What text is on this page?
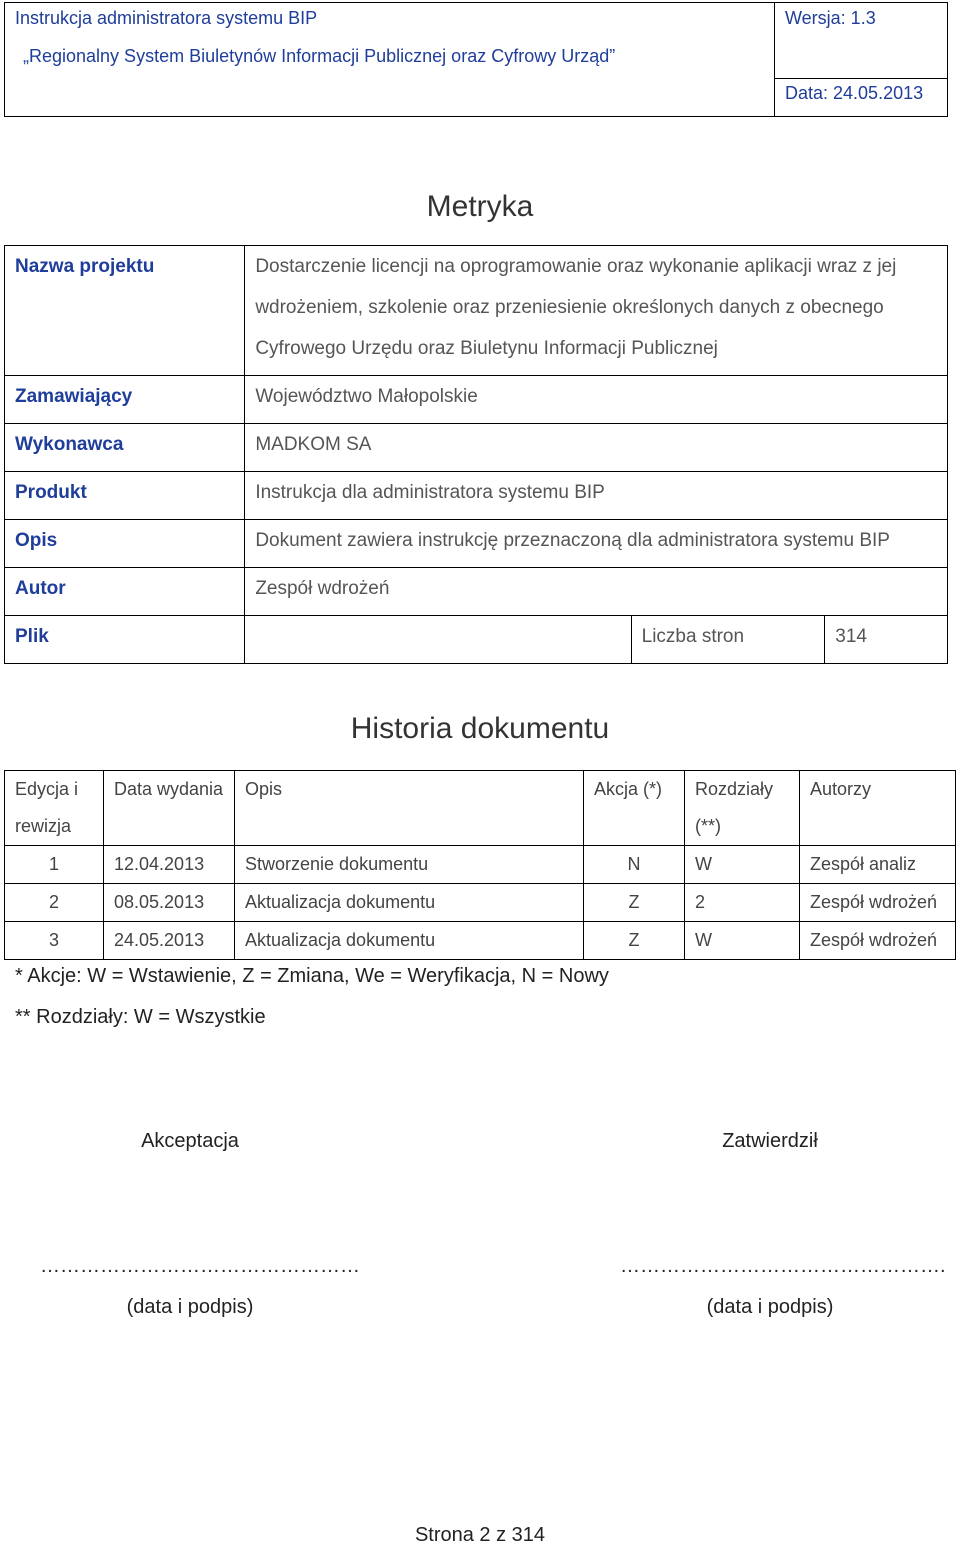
Instrukcja administratora systemu BIP
„Regionalny System Biuletynów Informacji Publicznej oraz Cyfrowy Urząd”
Wersja: 1.3
Data: 24.05.2013
Metryka
Nazwa projektu	Dostarczenie licencji na oprogramowanie oraz wykonanie aplikacji wraz z jej wdrożeniem, szkolenie oraz przeniesienie określonych danych z obecnego Cyfrowego Urzędu oraz Biuletynu Informacji Publicznej		
Zamawiający	Województwo Małopolskie		
Wykonawca	MADKOM SA		
Produkt	Instrukcja dla administratora systemu BIP		
Opis	Dokument zawiera instrukcję przeznaczoną dla administratora systemu BIP		
Autor	Zespół wdrożeń		
Plik		Liczba stron	314
Historia dokumentu
Edycja i rewizja	Data wydania	Opis	Akcja (*)	Rozdziały (**)	Autorzy
1	12.04.2013	Stworzenie dokumentu	N	W	Zespół analiz
2	08.05.2013	Aktualizacja dokumentu	Z	2	Zespół wdrożeń
3	24.05.2013	Aktualizacja dokumentu	Z	W	Zespół wdrożeń
* Akcje: W = Wstawienie, Z = Zmiana, We = Weryfikacja, N = Nowy
** Rozdziały: W = Wszystkie
Akceptacja	Zatwierdził
…………………………………………	………………………………………….
(data i podpis)	(data i podpis)
Strona 2 z 314
